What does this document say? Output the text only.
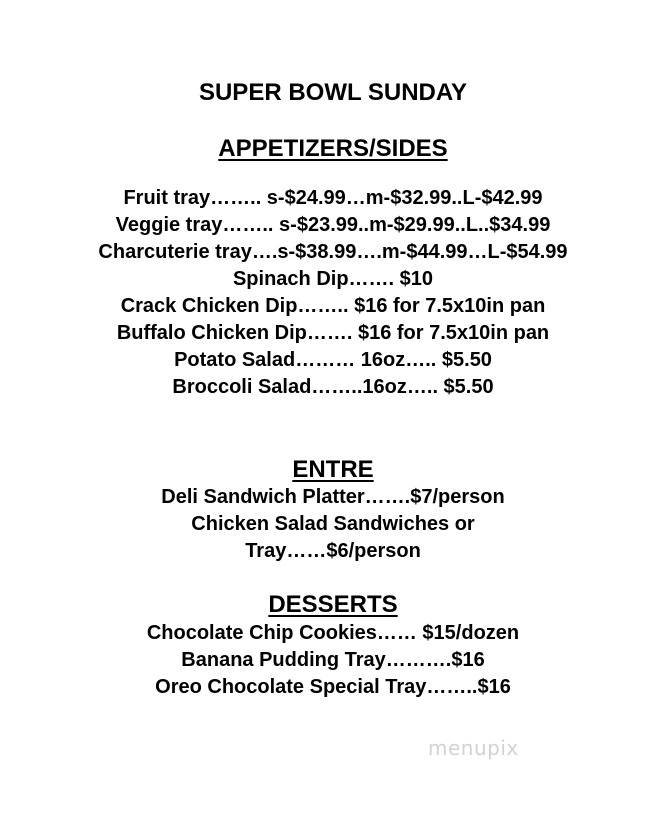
SUPER BOWL SUNDAY
APPETIZERS/SIDES
Fruit tray…….. s-$24.99…m-$32.99..L-$42.99
Veggie tray…….. s-$23.99..m-$29.99..L..$34.99
Charcuterie tray….s-$38.99….m-$44.99…L-$54.99
Spinach Dip……. $10
Crack Chicken Dip…….. $16 for 7.5x10in pan
Buffalo Chicken Dip……. $16 for 7.5x10in pan
Potato Salad……… 16oz….. $5.50
Broccoli Salad……..16oz….. $5.50
ENTRE
Deli Sandwich Platter…….$7/person
Chicken Salad Sandwiches or Tray……$6/person
DESSERTS
Chocolate Chip Cookies…… $15/dozen
Banana Pudding Tray……….$16
Oreo Chocolate Special Tray……..$16
menupix
